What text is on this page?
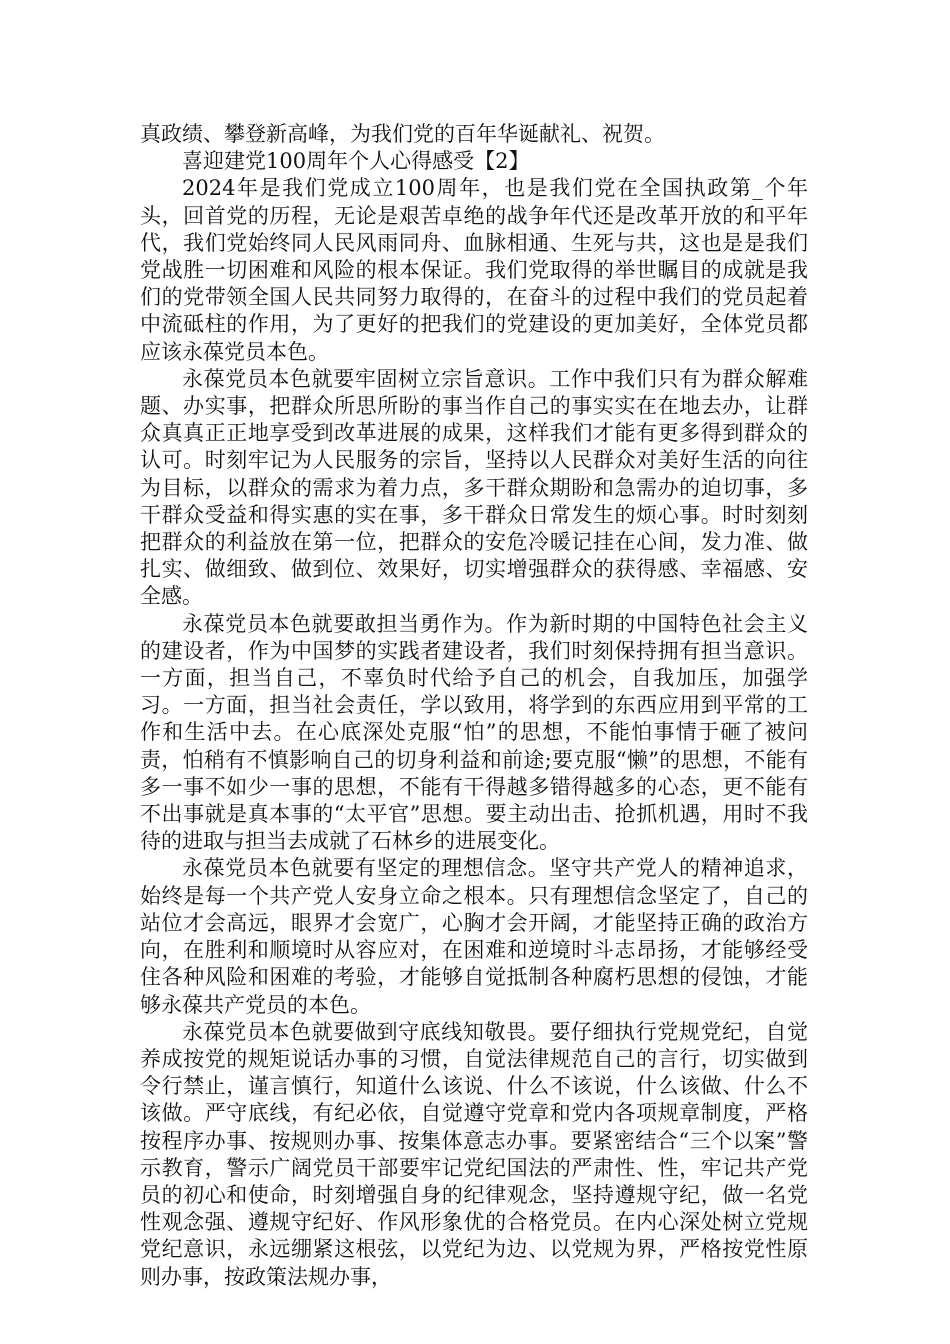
真政绩、攀登新高峰，为我们党的百年华诞献礼、祝贺。

喜迎建党100周年个人心得感受【2】

2024年是我们党成立100周年，也是我们党在全国执政第_个年头，回首党的历程，无论是艰苦卓绝的战争年代还是改革开放的和平年代，我们党始终同人民风雨同舟、血脉相通、生死与共，这也是是我们党战胜一切困难和风险的根本保证。我们党取得的举世瞩目的成就是我们的党带领全国人民共同努力取得的，在奋斗的过程中我们的党员起着中流砥柱的作用，为了更好的把我们的党建设的更加美好，全体党员都应该永葆党员本色。

永葆党员本色就要牢固树立宗旨意识。工作中我们只有为群众解难题、办实事，把群众所思所盼的事当作自己的事实实在在地去办，让群众真真正正地享受到改革进展的成果，这样我们才能有更多得到群众的认可。时刻牢记为人民服务的宗旨，坚持以人民群众对美好生活的向往为目标，以群众的需求为着力点，多干群众期盼和急需办的迫切事，多干群众受益和得实惠的实在事，多干群众日常发生的烦心事。时时刻刻把群众的利益放在第一位，把群众的安危冷暖记挂在心间，发力准、做扎实、做细致、做到位、效果好，切实增强群众的获得感、幸福感、安全感。

永葆党员本色就要敢担当勇作为。作为新时期的中国特色社会主义的建设者，作为中国梦的实践者建设者，我们时刻保持拥有担当意识。一方面，担当自己，不辜负时代给予自己的机会，自我加压，加强学习。一方面，担当社会责任，学以致用，将学到的东西应用到平常的工作和生活中去。在心底深处克服“怕”的思想，不能怕事情于砸了被问责，怕稍有不慎影响自己的切身利益和前途;要克服“懒”的思想，不能有多一事不如少一事的思想，不能有干得越多错得越多的心态，更不能有不出事就是真本事的“太平官”思想。要主动出击、抢抓机遇，用时不我待的进取与担当去成就了石林乡的进展变化。

永葆党员本色就要有坚定的理想信念。坚守共产党人的精神追求，始终是每一个共产党人安身立命之根本。只有理想信念坚定了，自己的站位才会高远，眼界才会宽广，心胸才会开阔，才能坚持正确的政治方向，在胜利和顺境时从容应对，在困难和逆境时斗志昂扬，才能够经受住各种风险和困难的考验，才能够自觉抵制各种腐朽思想的侵蚀，才能够永葆共产党员的本色。

永葆党员本色就要做到守底线知敬畏。要仔细执行党规党纪，自觉养成按党的规矩说话办事的习惯，自觉法律规范自己的言行，切实做到令行禁止，谨言慎行，知道什么该说、什么不该说，什么该做、什么不该做。严守底线，有纪必依，自觉遵守党章和党内各项规章制度，严格按程序办事、按规则办事、按集体意志办事。要紧密结合“三个以案”警示教育，警示广阔党员干部要牢记党纪国法的严肃性、性，牢记共产党员的初心和使命，时刻增强自身的纪律观念，坚持遵规守纪，做一名党性观念强、遵规守纪好、作风形象优的合格党员。在内心深处树立党规党纪意识，永远绷紧这根弦，以党纪为边、以党规为界，严格按党性原则办事，按政策法规办事，
